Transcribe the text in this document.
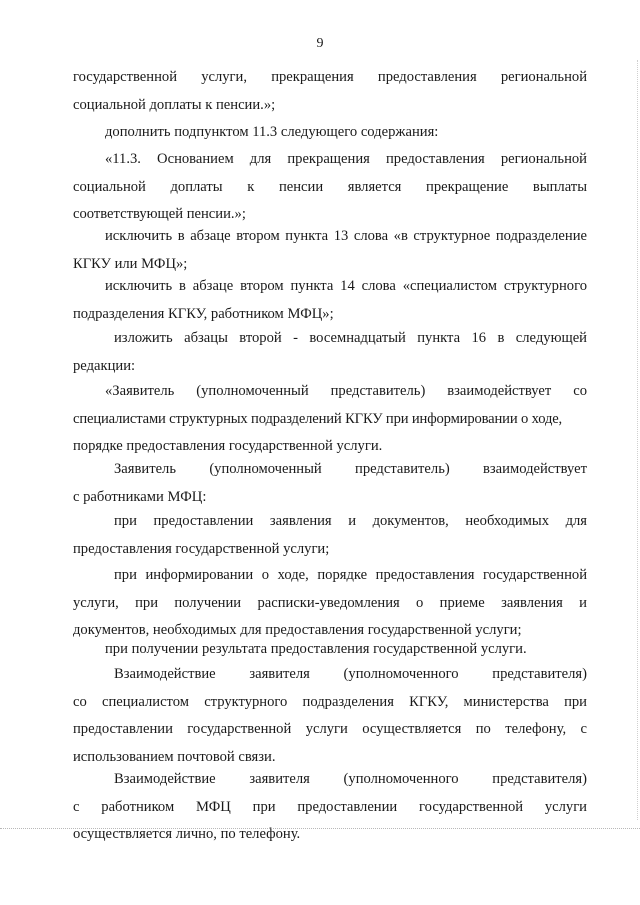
9

государственной услуги, прекращения предоставления региональной
социальной доплаты к пенсии.»;

дополнить подпунктом 11.3 следующего содержания:

«11.3. Основанием для прекращения предоставления региональной
социальной доплаты к пенсии является прекращение выплаты
соответствующей пенсии.»;

исключить в абзаце втором пункта 13 слова «в структурное подразделение
КГКУ или МФЦ»;

исключить в абзаце втором пункта 14 слова «специалистом структурного
подразделения КГКУ, работником МФЦ»;

изложить абзацы второй - восемнадцатый пункта 16 в следующей
редакции:

«Заявитель (уполномоченный представитель) взаимодействует со
специалистами структурных подразделений КГКУ при информировании о ходе,
порядке предоставления государственной услуги.

Заявитель (уполномоченный представитель) взаимодействует
с работниками МФЦ:

при предоставлении заявления и документов, необходимых для
предоставления государственной услуги;

при информировании о ходе, порядке предоставления государственной
услуги, при получении расписки-уведомления о приеме заявления и
документов, необходимых для предоставления государственной услуги;

при получении результата предоставления государственной услуги.

Взаимодействие заявителя (уполномоченного представителя)
со специалистом структурного подразделения КГКУ, министерства при
предоставлении государственной услуги осуществляется по телефону, с
использованием почтовой связи.

Взаимодействие заявителя (уполномоченного представителя)
с работником МФЦ при предоставлении государственной услуги
осуществляется лично, по телефону.
